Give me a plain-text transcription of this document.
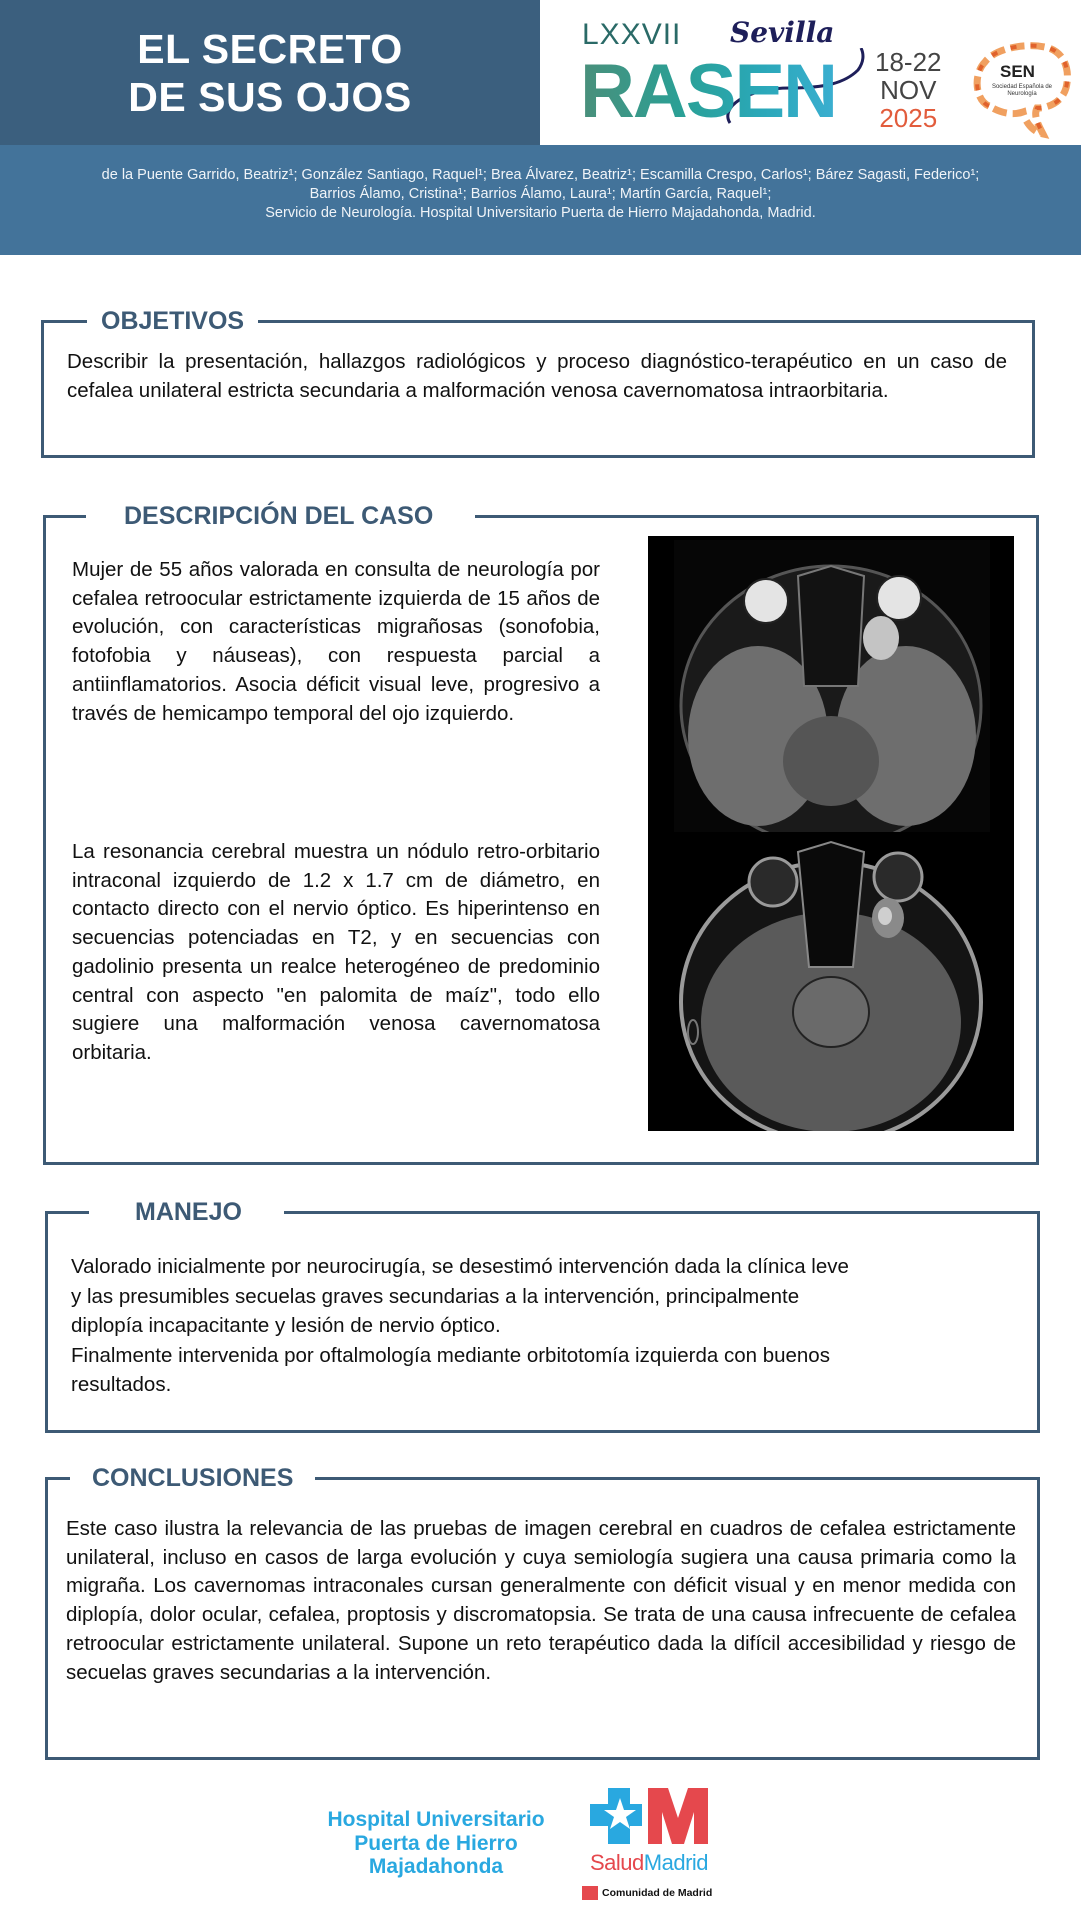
EL SECRETO
DE SUS OJOS
LXXVII Sevilla
RASEN 18-22
NOV
2025
SEN
Sociedad Española de Neurología
de la Puente Garrido, Beatriz¹; González Santiago, Raquel¹; Brea Álvarez, Beatriz¹; Escamilla Crespo, Carlos¹; Bárez Sagasti, Federico¹;
Barrios Álamo, Cristina¹; Barrios Álamo, Laura¹; Martín García, Raquel¹;
Servicio de Neurología. Hospital Universitario Puerta de Hierro Majadahonda, Madrid.
OBJETIVOS
Describir la presentación, hallazgos radiológicos y proceso diagnóstico-terapéutico en un caso de cefalea unilateral estricta secundaria a malformación venosa cavernomatosa intraorbitaria.
DESCRIPCIÓN DEL CASO
Mujer de 55 años valorada en consulta de neurología por cefalea retroocular estrictamente izquierda de 15 años de evolución, con características migrañosas (sonofobia, fotofobia y náuseas), con respuesta parcial a antiinflamatorios. Asocia déficit visual leve, progresivo a través de hemicampo temporal del ojo izquierdo.
La resonancia cerebral muestra un nódulo retro-orbitario intraconal izquierdo de 1.2 x 1.7 cm de diámetro, en contacto directo con el nervio óptico. Es hiperintenso en secuencias potenciadas en T2, y en secuencias con gadolinio presenta un realce heterogéneo de predominio central con aspecto "en palomita de maíz", todo ello sugiere una malformación venosa cavernomatosa orbitaria.
MANEJO
Valorado inicialmente por neurocirugía, se desestimó intervención dada la clínica leve
y las presumibles secuelas graves secundarias a la intervención, principalmente
diplopía incapacitante y lesión de nervio óptico.
Finalmente intervenida por oftalmología mediante orbitotomía izquierda con buenos
resultados.
CONCLUSIONES
Este caso ilustra la relevancia de las pruebas de imagen cerebral en cuadros de cefalea estrictamente unilateral, incluso en casos de larga evolución y cuya semiología sugiera una causa primaria como la migraña. Los cavernomas intraconales cursan generalmente con déficit visual y en menor medida con diplopía, dolor ocular, cefalea, proptosis y discromatopsia. Se trata de una causa infrecuente de cefalea retroocular estrictamente unilateral. Supone un reto terapéutico dada la difícil accesibilidad y riesgo de secuelas graves secundarias a la intervención.
Hospital Universitario
Puerta de Hierro
Majadahonda	SaludMadrid
Comunidad de Madrid
